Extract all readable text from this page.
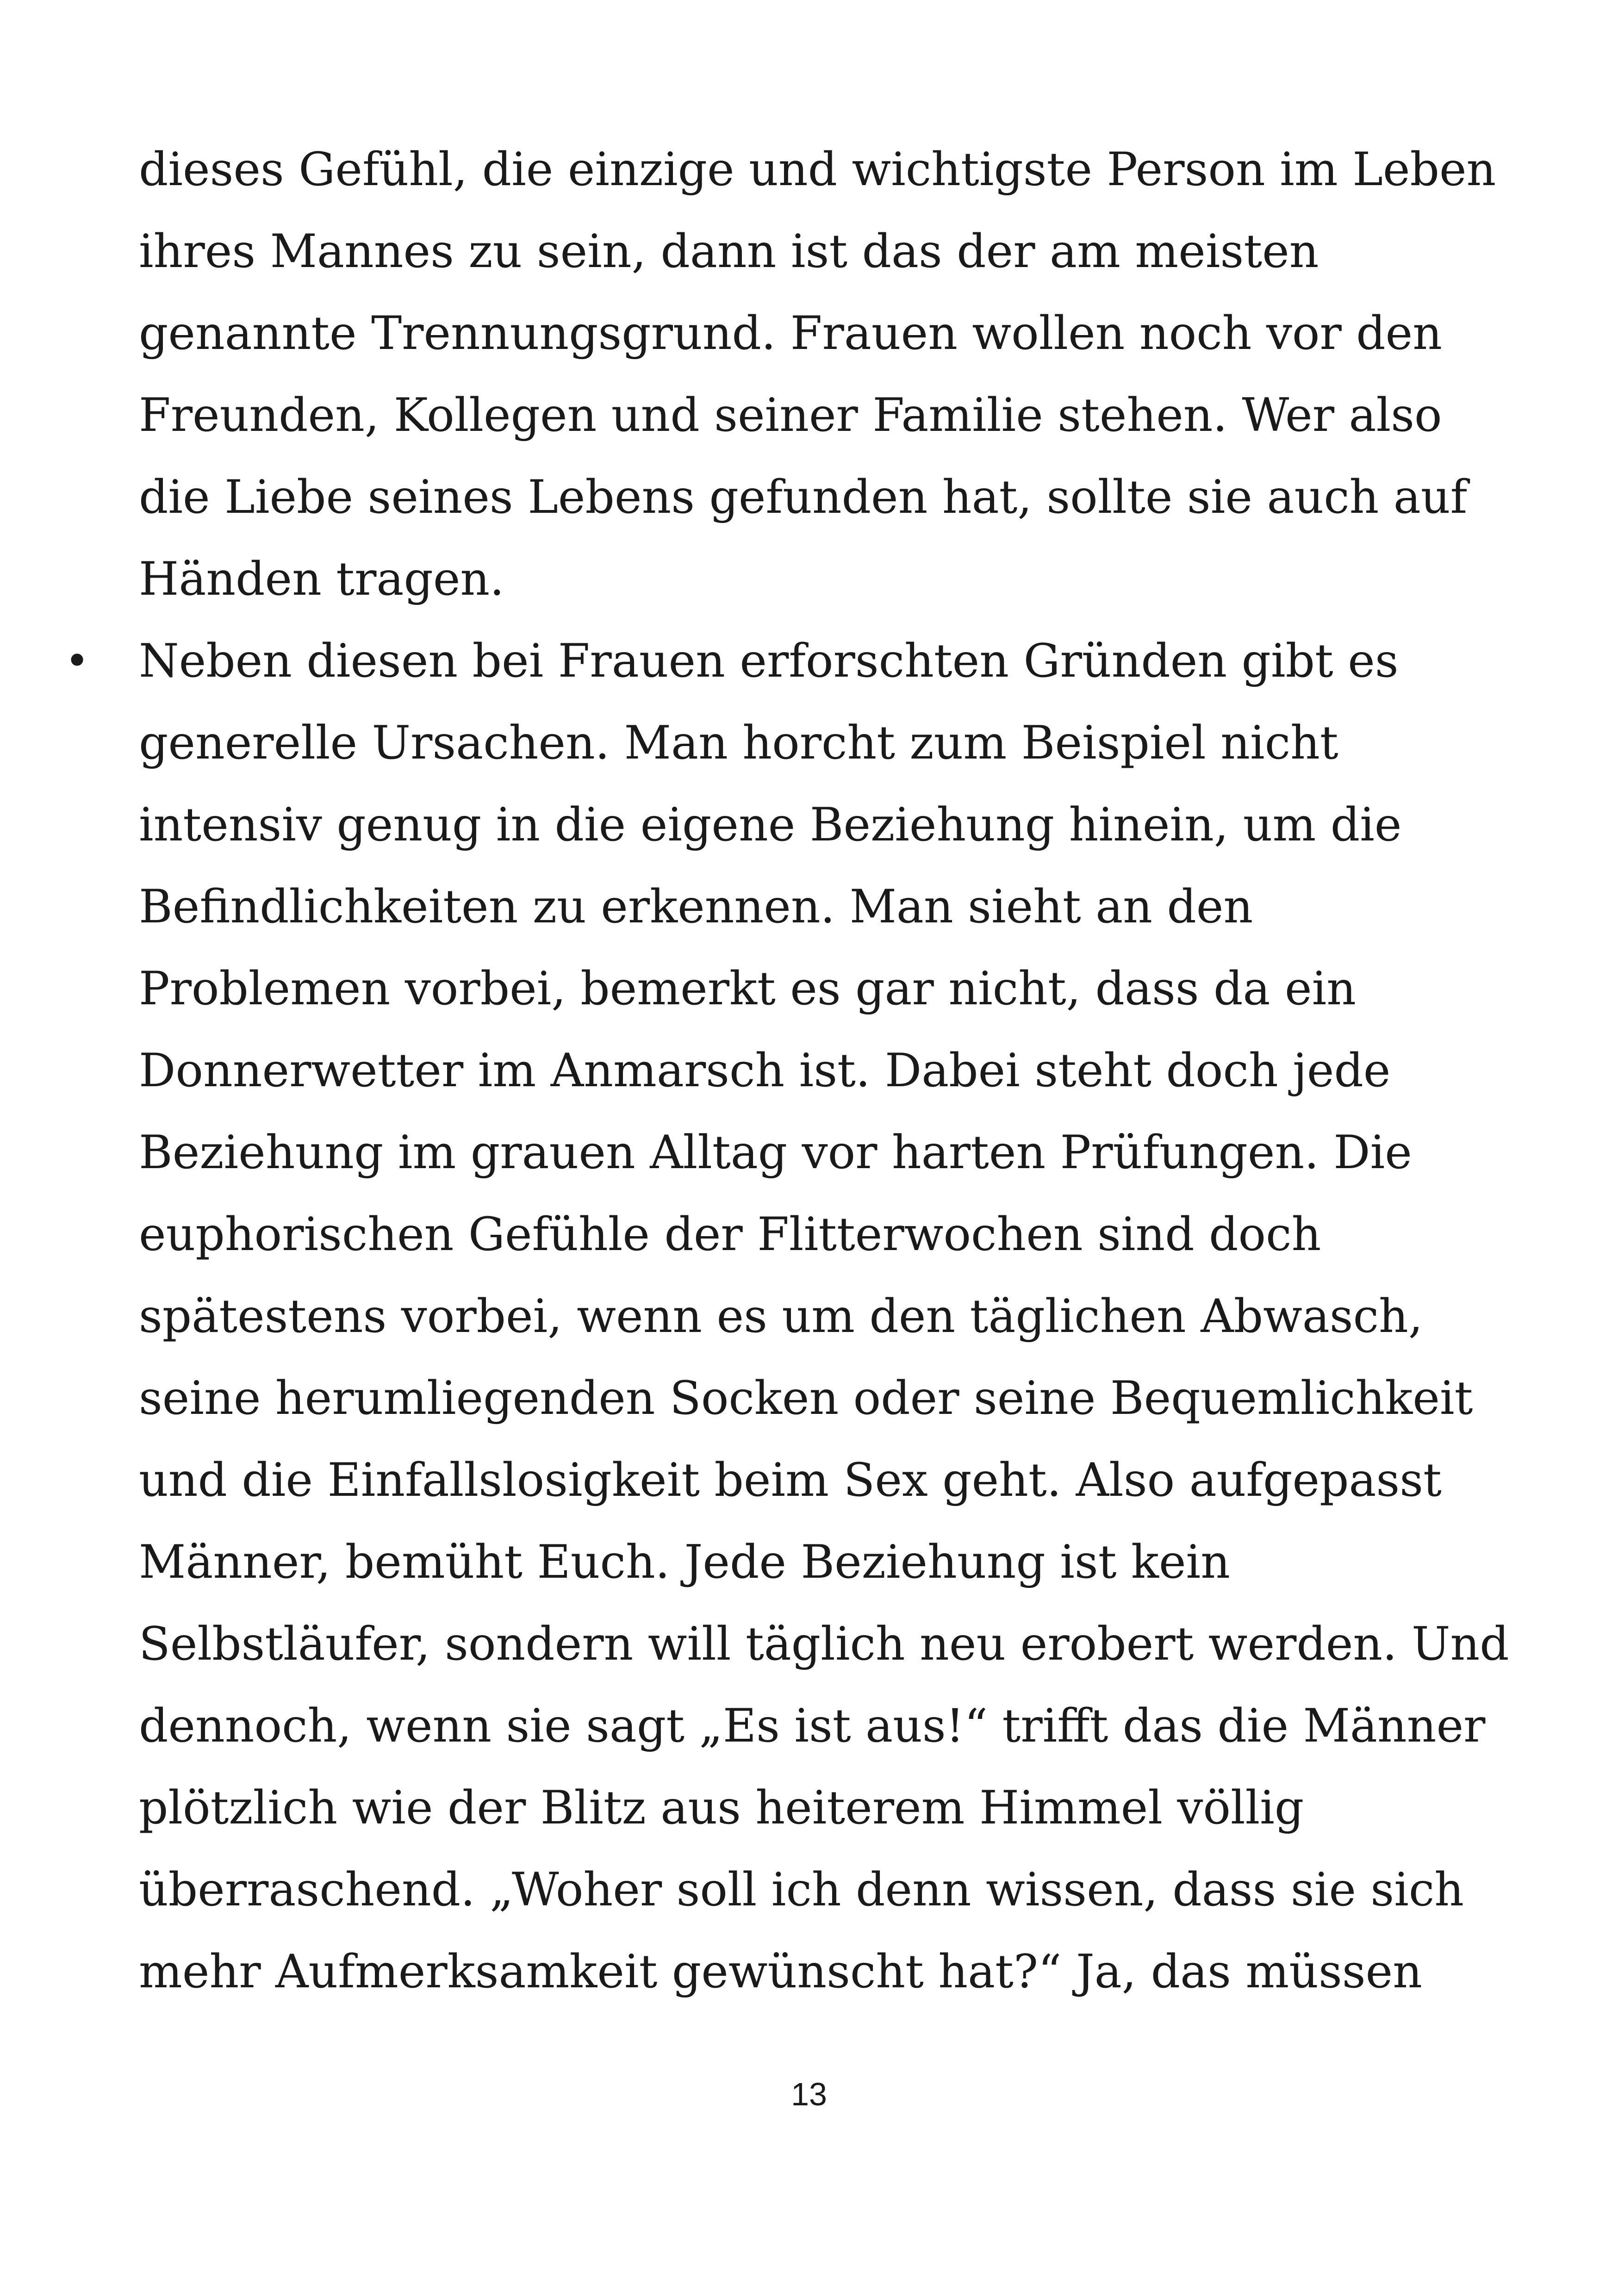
dieses Gefühl, die einzige und wichtigste Person im Leben
ihres Mannes zu sein, dann ist das der am meisten
genannte Trennungsgrund. Frauen wollen noch vor den
Freunden, Kollegen und seiner Familie stehen. Wer also
die Liebe seines Lebens gefunden hat, sollte sie auch auf
Händen tragen.
Neben diesen bei Frauen erforschten Gründen gibt es
generelle Ursachen. Man horcht zum Beispiel nicht
intensiv genug in die eigene Beziehung hinein, um die
Befindlichkeiten zu erkennen. Man sieht an den
Problemen vorbei, bemerkt es gar nicht, dass da ein
Donnerwetter im Anmarsch ist. Dabei steht doch jede
Beziehung im grauen Alltag vor harten Prüfungen. Die
euphorischen Gefühle der Flitterwochen sind doch
spätestens vorbei, wenn es um den täglichen Abwasch,
seine herumliegenden Socken oder seine Bequemlichkeit
und die Einfallslosigkeit beim Sex geht. Also aufgepasst
Männer, bemüht Euch. Jede Beziehung ist kein
Selbstläufer, sondern will täglich neu erobert werden. Und
dennoch, wenn sie sagt „Es ist aus!“ trifft das die Männer
plötzlich wie der Blitz aus heiterem Himmel völlig
überraschend. „Woher soll ich denn wissen, dass sie sich
mehr Aufmerksamkeit gewünscht hat?“ Ja, das müssen
•
13
